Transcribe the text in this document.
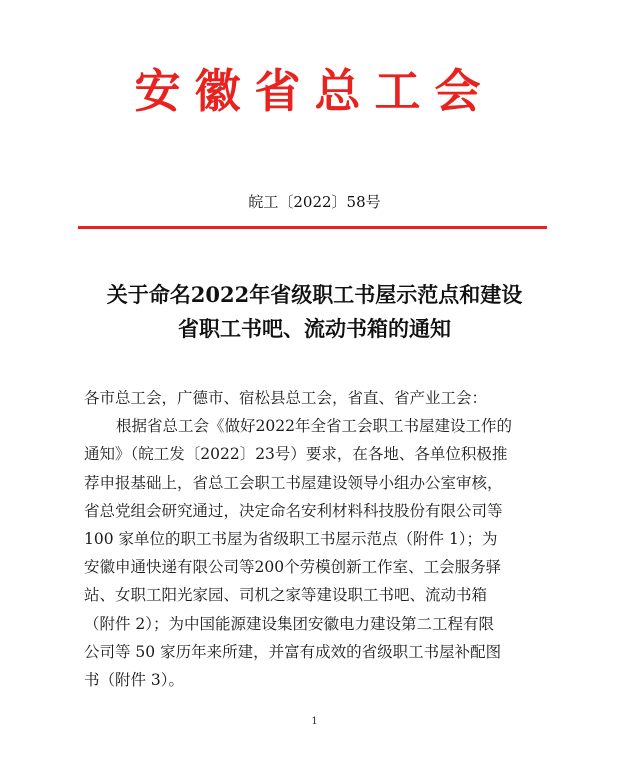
安徽省总工会
皖工〔2022〕58号
关于命名2022年省级职工书屋示范点和建设
省职工书吧、流动书箱的通知
各市总工会，广德市、宿松县总工会，省直、省产业工会：
根据省总工会《做好2022年全省工会职工书屋建设工作的
通知》（皖工发〔2022〕23号）要求，在各地、各单位积极推
荐申报基础上，省总工会职工书屋建设领导小组办公室审核，
省总党组会研究通过，决定命名安利材料科技股份有限公司等
100 家单位的职工书屋为省级职工书屋示范点（附件 1）；为
安徽申通快递有限公司等200个劳模创新工作室、工会服务驿
站、女职工阳光家园、司机之家等建设职工书吧、流动书箱
（附件 2）；为中国能源建设集团安徽电力建设第二工程有限
公司等 50 家历年来所建，并富有成效的省级职工书屋补配图
书（附件 3）。
1
